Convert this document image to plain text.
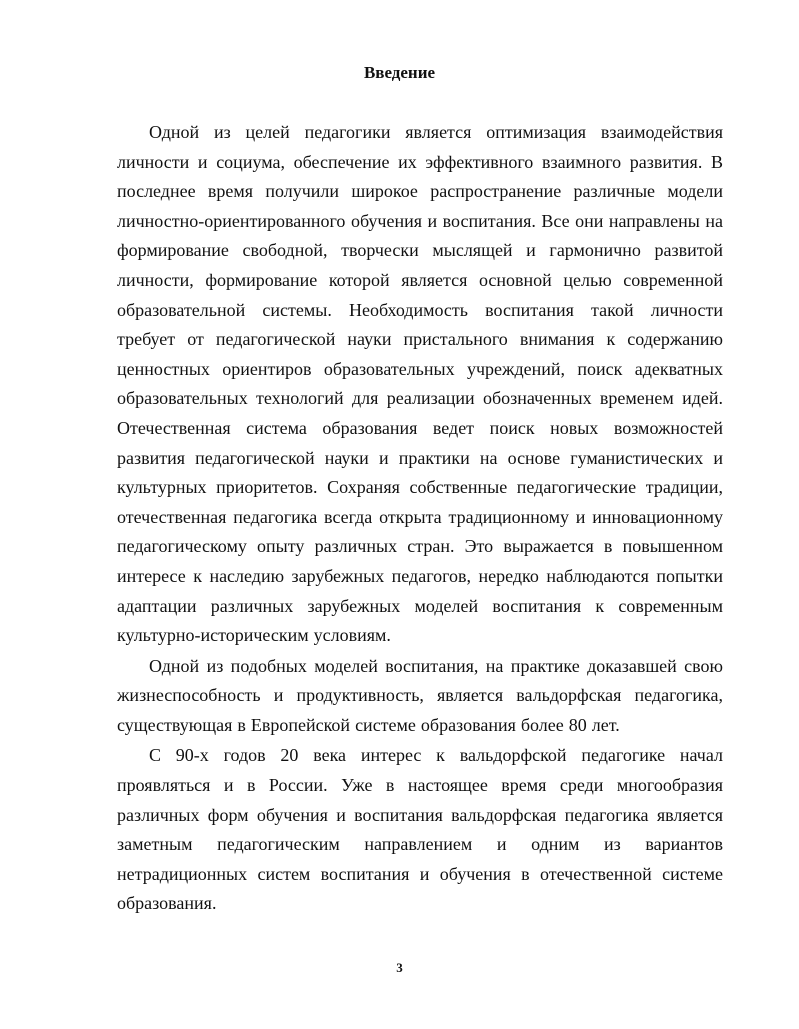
Введение

Одной из целей педагогики является оптимизация взаимодействия личности и социума, обеспечение их эффективного взаимного развития. В последнее время получили широкое распространение различные модели личностно-ориентированного обучения и воспитания. Все они направлены на формирование свободной, творчески мыслящей и гармонично развитой личности, формирование которой является основной целью современной образовательной системы. Необходимость воспитания такой личности требует от педагогической науки пристального внимания к содержанию ценностных ориентиров образовательных учреждений, поиск адекватных образовательных технологий для реализации обозначенных временем идей. Отечественная система образования ведет поиск новых возможностей развития педагогической науки и практики на основе гуманистических и культурных приоритетов. Сохраняя собственные педагогические традиции, отечественная педагогика всегда открыта традиционному и инновационному педагогическому опыту различных стран. Это выражается в повышенном интересе к наследию зарубежных педагогов, нередко наблюдаются попытки адаптации различных зарубежных моделей воспитания к современным культурно-историческим условиям.

Одной из подобных моделей воспитания, на практике доказавшей свою жизнеспособность и продуктивность, является вальдорфская педагогика, существующая в Европейской системе образования более 80 лет.

С 90-х годов 20 века интерес к вальдорфской педагогике начал проявляться и в России. Уже в настоящее время среди многообразия различных форм обучения и воспитания вальдорфская педагогика является заметным педагогическим направлением и одним из вариантов нетрадиционных систем воспитания и обучения в отечественной системе образования.

3
